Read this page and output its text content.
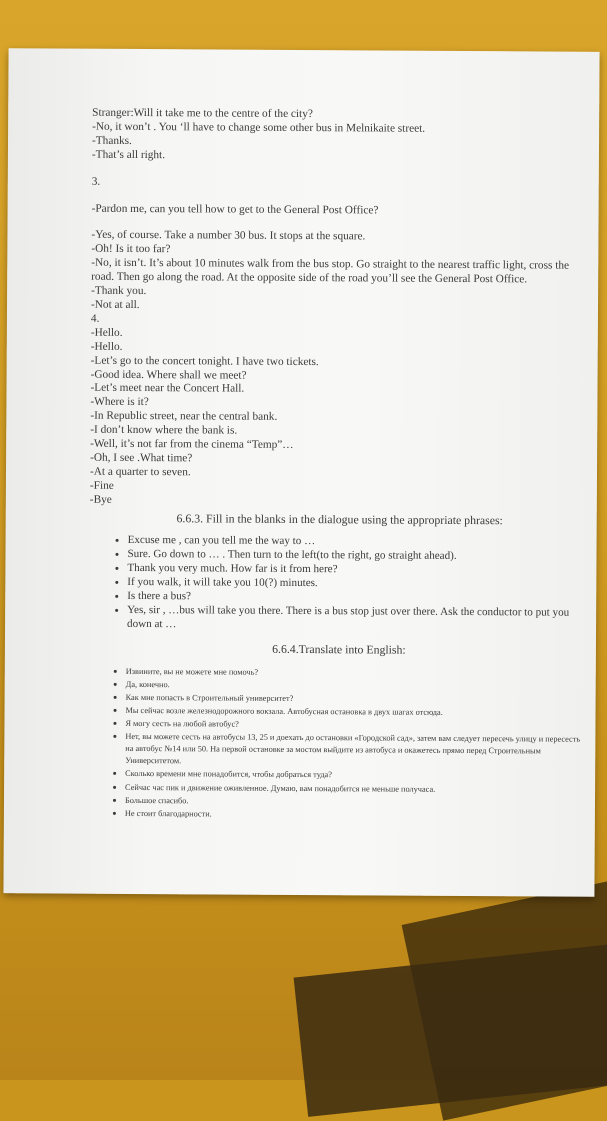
Stranger:Will it take me to the centre of the city?
-No, it won’t . You ‘ll have to change some other bus in Melnikaite street.
-Thanks.
-That’s all right.
3.
-Pardon me, can you tell how to get to the General Post Office?
-Yes, of course. Take a number 30 bus. It stops at the square.
-Oh! Is it too far?
-No, it isn’t. It’s about 10 minutes walk from the bus stop. Go straight to the nearest traffic light, cross the road. Then go along the road. At the opposite side of the road you’ll see the General Post Office.
-Thank you.
-Not at all.
4.
-Hello.
-Hello.
-Let’s go to the concert tonight. I have two tickets.
-Good idea. Where shall we meet?
-Let’s meet near the Concert Hall.
-Where is it?
-In Republic street, near the central bank.
-I don’t know where the bank is.
-Well, it’s not far from the cinema “Temp”…
-Oh, I see .What time?
-At a quarter to seven.
-Fine
-Bye
6.6.3. Fill in the blanks in the dialogue using the appropriate phrases:
• Excuse me , can you tell me the way to …
• Sure. Go down to … . Then turn to the left(to the right, go straight ahead).
• Thank you very much. How far is it from here?
• If you walk, it will take you 10(?) minutes.
• Is there a bus?
• Yes, sir , …bus will take you there. There is a bus stop just over there. Ask the conductor to put you down at …
6.6.4.Translate into English:
• Извините, вы не можете мне помочь?
• Да, конечно.
• Как мне попасть в Строительный университет?
• Мы сейчас возле железнодорожного вокзала. Автобусная остановка в двух шагах отсюда.
• Я могу сесть на любой автобус?
• Нет, вы можете сесть на автобусы 13, 25 и доехать до остановки «Городской сад», затем вам следует пересечь улицу и пересесть на автобус №14 или 50. На первой остановке за мостом выйдите из автобуса и окажетесь прямо перед Строительным Университетом.
• Сколько времени мне понадобится, чтобы добраться туда?
• Сейчас час пик и движение оживленное. Думаю, вам понадобится не меньше получаса.
• Большое спасибо.
• Не стоит благодарности.
